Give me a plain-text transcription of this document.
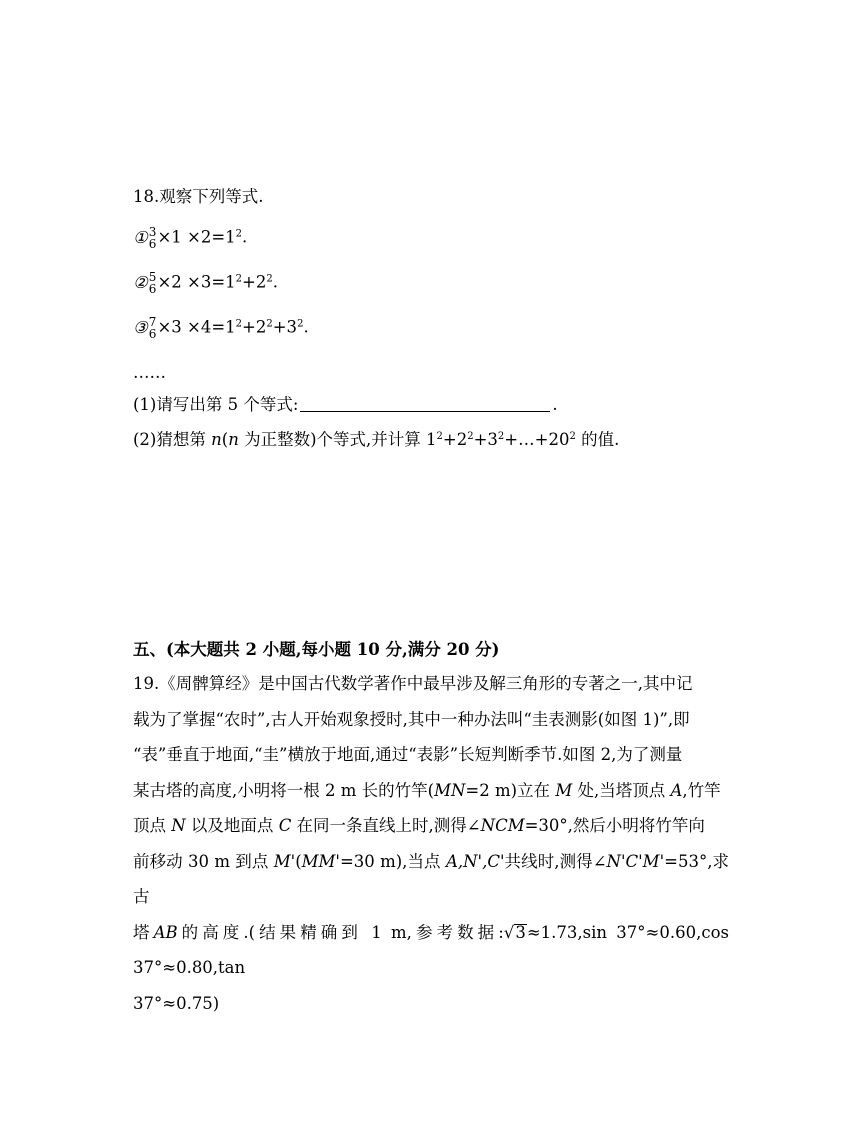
18.观察下列等式.
① 3
$6 \times 1 \times 2=1^2$.
② 5
$6 \times 2 \times 3=1^2+2^2$.
③ 7
$6 \times 3 \times 4=1^2+2^2+3^2$.
……
(1)请写出第 5 个等式:	.
(2)猜想第 n(n 为正整数)个等式,并计算 $1^2+2^2+3^2+\dots+20^2$ 的值.
五、(本大题共 2 小题,每小题 10 分,满分 20 分)
19.《周髀算经》是中国古代数学著作中最早涉及解三角形的专著之一,其中记
载为了掌握“农时”,古人开始观象授时,其中一种办法叫“圭表测影(如图 1)”,即
“表”垂直于地面,“圭”横放于地面,通过“表影”长短判断季节.如图 2,为了测量
某古塔的高度,小明将一根 2 m 长的竹竿(MN=2 m)立在 M 处,当塔顶点 A,竹竿
顶点 N 以及地面点 C 在同一条直线上时,测得∠NCM=30°,然后小明将竹竿向
前移动 30 m 到点 M'(MM'=30 m),当点 A,N',C'共线时,测得∠N'C'M'=53°,求古
塔AB的高度.(结果精确到 1 m,参考数据:√3≈1.73,sin 37°≈0.60,cos 37°≈0.80,tan
37°≈0.75)
